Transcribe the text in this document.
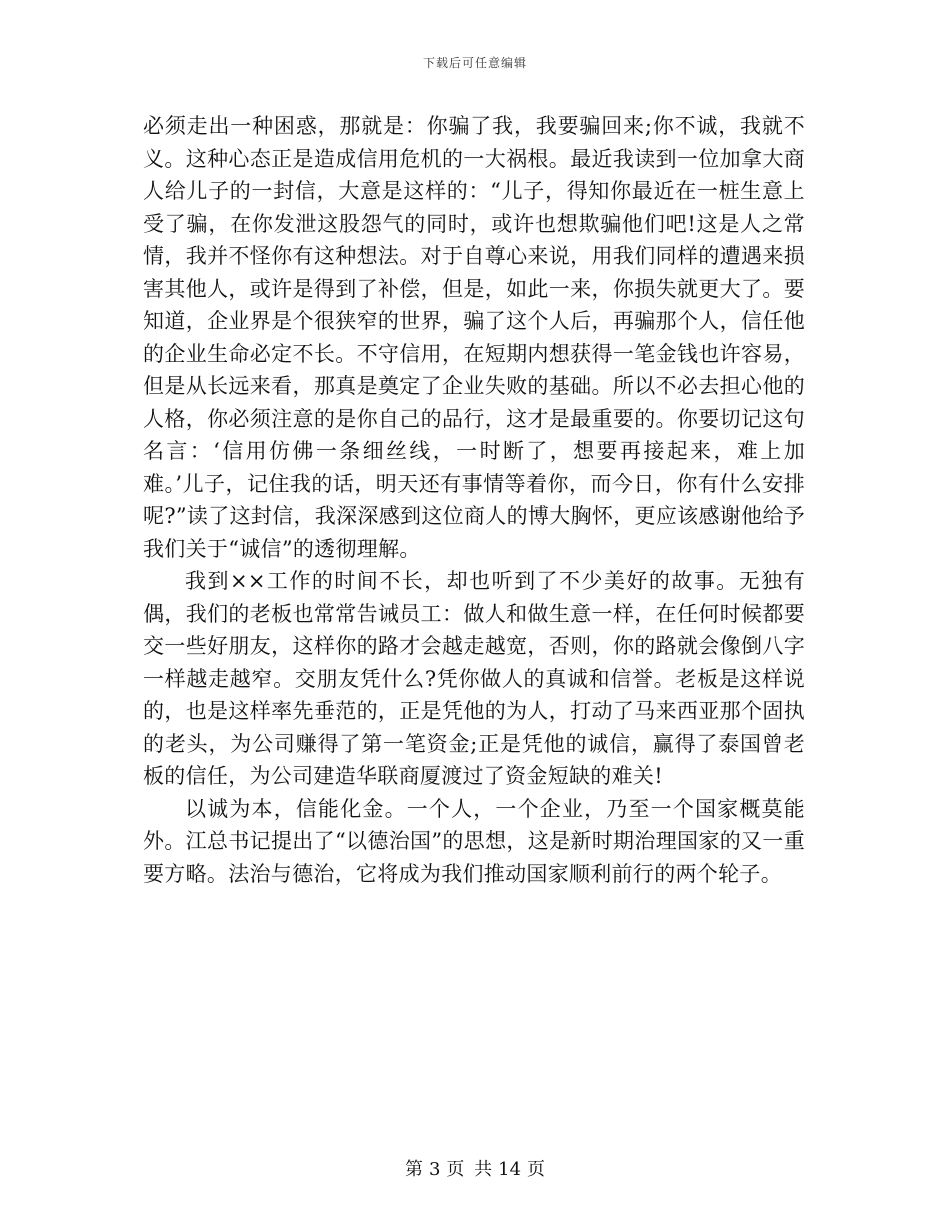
下载后可任意编辑

必须走出一种困惑，那就是：你骗了我，我要骗回来;你不诚，我就不义。这种心态正是造成信用危机的一大祸根。最近我读到一位加拿大商人给儿子的一封信，大意是这样的：“儿子，得知你最近在一桩生意上受了骗，在你发泄这股怨气的同时，或许也想欺骗他们吧!这是人之常情，我并不怪你有这种想法。对于自尊心来说，用我们同样的遭遇来损害其他人，或许是得到了补偿，但是，如此一来，你损失就更大了。要知道，企业界是个很狭窄的世界，骗了这个人后，再骗那个人，信任他的企业生命必定不长。不守信用，在短期内想获得一笔金钱也许容易，但是从长远来看，那真是奠定了企业失败的基础。所以不必去担心他的人格，你必须注意的是你自己的品行，这才是最重要的。你要切记这句名言：‘信用仿佛一条细丝线，一时断了，想要再接起来，难上加难。’儿子，记住我的话，明天还有事情等着你，而今日，你有什么安排呢?”读了这封信，我深深感到这位商人的博大胸怀，更应该感谢他给予我们关于“诚信”的透彻理解。

我到××工作的时间不长，却也听到了不少美好的故事。无独有偶，我们的老板也常常告诫员工：做人和做生意一样，在任何时候都要交一些好朋友，这样你的路才会越走越宽，否则，你的路就会像倒八字一样越走越窄。交朋友凭什么?凭你做人的真诚和信誉。老板是这样说的，也是这样率先垂范的，正是凭他的为人，打动了马来西亚那个固执的老头，为公司赚得了第一笔资金;正是凭他的诚信，赢得了泰国曾老板的信任，为公司建造华联商厦渡过了资金短缺的难关!

以诚为本，信能化金。一个人，一个企业，乃至一个国家概莫能外。江总书记提出了“以德治国”的思想，这是新时期治理国家的又一重要方略。法治与德治，它将成为我们推动国家顺利前行的两个轮子。

第 3 页 共 14 页
